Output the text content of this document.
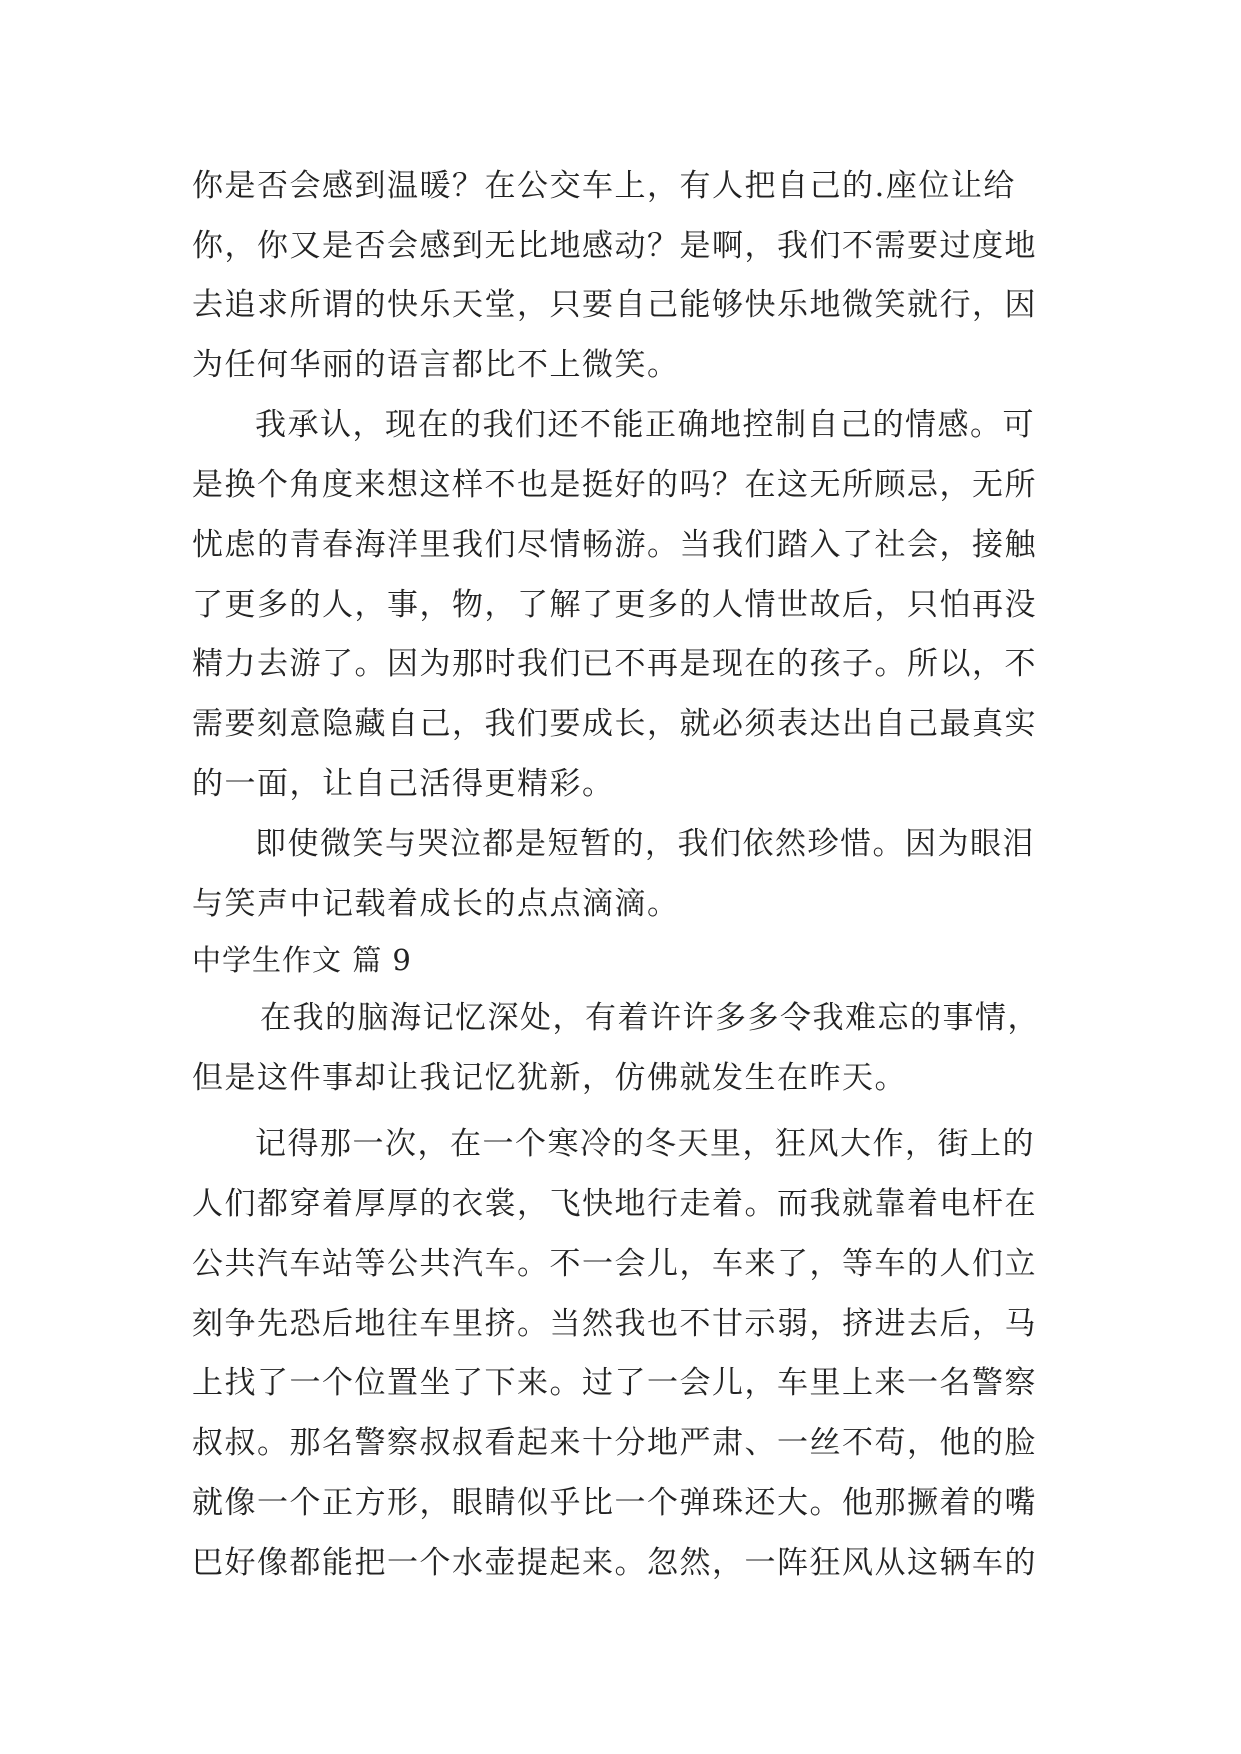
你是否会感到温暖？在公交车上，有人把自己的.座位让给
你，你又是否会感到无比地感动？是啊，我们不需要过度地
去追求所谓的快乐天堂，只要自己能够快乐地微笑就行，因
为任何华丽的语言都比不上微笑。
我承认，现在的我们还不能正确地控制自己的情感。可
是换个角度来想这样不也是挺好的吗？在这无所顾忌，无所
忧虑的青春海洋里我们尽情畅游。当我们踏入了社会，接触
了更多的人，事，物，了解了更多的人情世故后，只怕再没
精力去游了。因为那时我们已不再是现在的孩子。所以，不
需要刻意隐藏自己，我们要成长，就必须表达出自己最真实
的一面，让自己活得更精彩。
即使微笑与哭泣都是短暂的，我们依然珍惜。因为眼泪
与笑声中记载着成长的点点滴滴。
中学生作文 篇 9
在我的脑海记忆深处，有着许许多多令我难忘的事情，
但是这件事却让我记忆犹新，仿佛就发生在昨天。
记得那一次，在一个寒冷的冬天里，狂风大作，街上的
人们都穿着厚厚的衣裳，飞快地行走着。而我就靠着电杆在
公共汽车站等公共汽车。不一会儿，车来了，等车的人们立
刻争先恐后地往车里挤。当然我也不甘示弱，挤进去后，马
上找了一个位置坐了下来。过了一会儿，车里上来一名警察
叔叔。那名警察叔叔看起来十分地严肃、一丝不苟，他的脸
就像一个正方形，眼睛似乎比一个弹珠还大。他那撅着的嘴
巴好像都能把一个水壶提起来。忽然，一阵狂风从这辆车的
